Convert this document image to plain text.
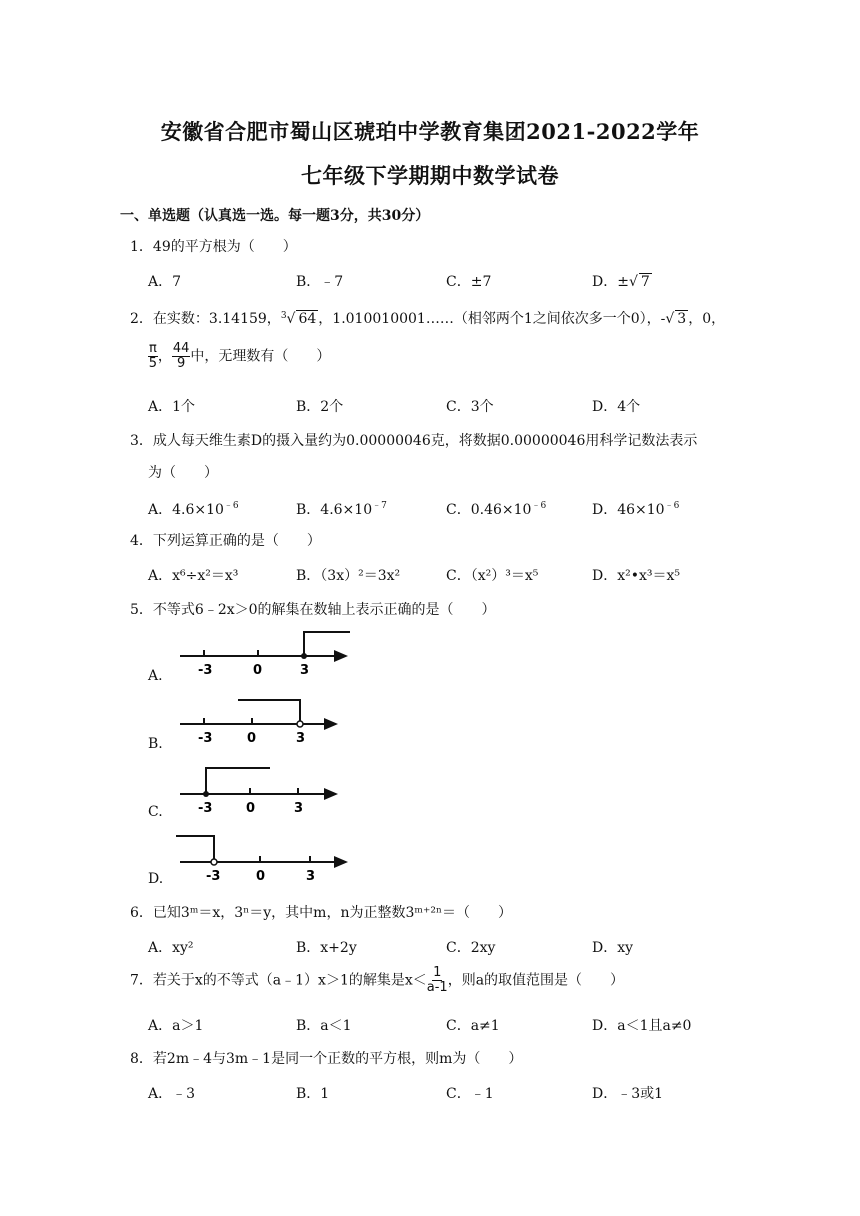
安徽省合肥市蜀山区琥珀中学教育集团2021-2022学年
七年级下学期期中数学试卷
一、单选题（认真选一选。每一题3分，共30分）
1．49的平方根为（　　）
A．7	B．﹣7	C．±7	D．±√ 7
2．在实数：3.14159，$^3$√ 64 ，1.010010001……（相邻两个1之间依次多一个0），-√ 3 ，0，
$\frac{\pi}{5}$ ， $\frac{44}{9}$ 中，无理数有（　　）
A．1个	B．2个	C．3个	D．4个
3．成人每天维生素D的摄入量约为0.00000046克，将数据0.00000046用科学记数法表示
为（　　）
A．$4.6\times 10^{﹣6}$	B．$4.6\times 10^{﹣7}$	C．$0.46\times 10^{﹣6}$	D．$46\times 10^{﹣6}$
4．下列运算正确的是（　　）
A．x⁶÷x²＝x³	B．（3x）²＝3x²	C．（x²）³＝x⁵	D．x²•x³＝x⁵
5．不等式6﹣2x＞0的解集在数轴上表示正确的是（　　）
A.	-3	0	3
B.	-3	0	3
C.	-3	0	3
D.	-3	0	3
6．已知3ᵐ＝x，3ⁿ＝y，其中m，n为正整数3ᵐ⁺²ⁿ＝（　　）
A．xy²	B．x+2y	C．2xy	D．xy
7．若关于x的不等式（a﹣1）x＞1的解集是$x< \frac{1}{a-1}$ ，则a的取值范围是（　　）
A．a＞1	B．a＜1	C．a≠1	D．a＜1且a≠0
8．若2m﹣4与3m﹣1是同一个正数的平方根，则m为（　　）
A．﹣3	B．1	C．﹣1	D．﹣3或1
